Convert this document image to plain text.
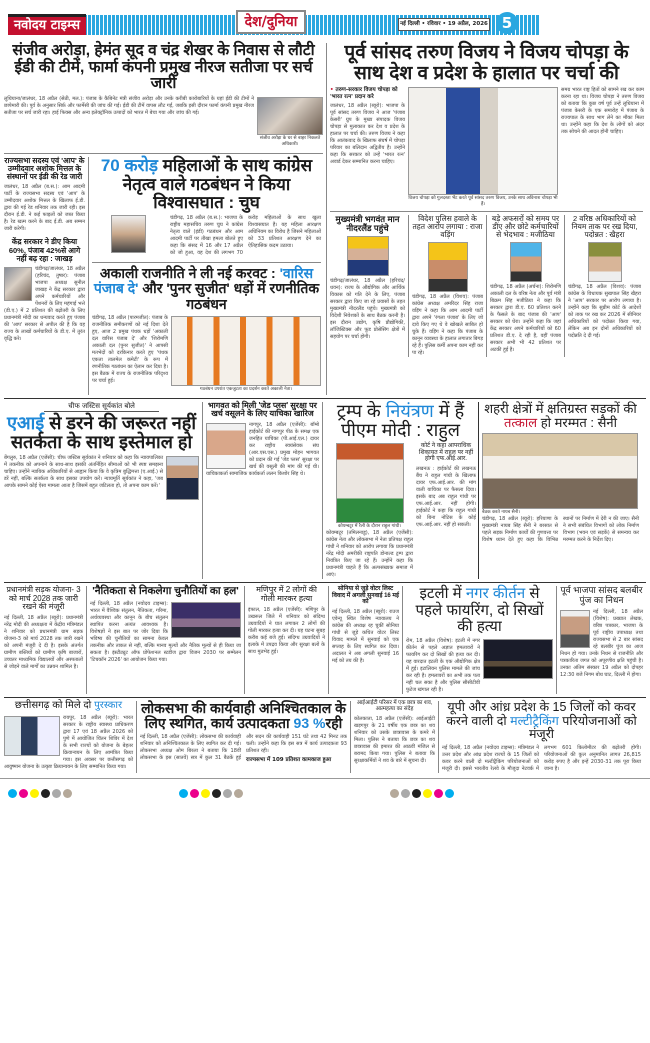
नवोदय टाइम्स	देश/दुनिया	नई दिल्ली • रविवार • 19 अप्रैल, 2026 5
संजीव अरोड़ा, हेमंत सूद व चंद्र शेखर के निवास से लौटी ईडी की टीमें, फार्मा कंपनी प्रमुख नीरज सतीजा पर सर्च जारी
संजीव अरोड़ा के घर से बाहर निकलते अधिकारी।
लुधियाना/जालंधर, 18 अप्रैल (सेठी, मल.): पंजाब के कैबिनेट मंत्री संजीव अरोड़ा और उनके करीबी कारोबारियों के यहां ईडी की टीमों ने छापेमारी की। पूर्व के अनुसार सिर्फ़ और फार्मेसी की जांच की गई। ईडी की टीमें वापस लौट गईं, जबकि इसी दौरान फार्मा कंपनी प्रमुख नीरज सतीजा पर सर्च जारी रहा। हाई फिक्स और अन्य इलेक्ट्रॉनिक उत्पादों को भारत में बेचा गया और जांच की गई।
राज्यसभा सदस्य एवं 'आप' के उम्मीदवार अशोक मित्तल के संस्थानों पर ईडी की रेड जारी
जालंधर, 18 अप्रैल (ब.स.): आम आदमी पार्टी के राज्यसभा सदस्य एवं 'आप' के उम्मीदवार अशोक मित्तल के खिलाफ ई.डी. द्वारा की गई रेड शनिवार तक जारी रही। इस दौरान ई.डी. ने कई फाइलों को जब्त किया है। रेड खत्म करने के बाद ई.डी. अब सम्मन जारी करेगी।
केंद्र सरकार ने डीए किया 60%, पंजाब 42%से आगे नहीं बढ़ रहा : जाखड़
चंडीगढ़/जालंधर, 18 अप्रैल (हरिचंद, तुषार): पंजाब भाजपा अध्यक्ष सुनील जाखड़ ने केंद्र सरकार द्वारा अपने कर्मचारियों और पेंशनरों के लिए महंगाई भत्ते (डी.ए.) में 2 प्रतिशत की बढ़ोतरी के लिए प्रधानमंत्री मोदी का धन्यवाद करते हुए पंजाब की 'आप' सरकार से अपील की है कि वह राज्य के लाखों कर्मचारियों के डी.ए. में तुरंत वृद्धि करे।
70 करोड़ महिलाओं के साथ कांग्रेस नेतृत्व वाले गठबंधन ने किया विश्वासघात : चुघ
चंडीगढ़, 18 अप्रैल (ब.स.): भाजपा के राष्ट्रीय महासचिव तरुण चुघ ने कांग्रेस नेतृत्व वाले (इंडी) गठबंधन और आम आदमी पार्टी पर तीखा हमला बोलते हुए कहा कि संसद में 16 और 17 अप्रैल को जो हुआ, वह देश की लगभग 70 करोड़ महिलाओं के साथ खुला विश्वासघात है। यह महिला आरक्षण अधिनियम का विरोध है जिसने महिलाओं को 33 प्रतिशत आरक्षण देने का ऐतिहासिक कदम उठाया।
अकाली राजनीति ने ली नई करवट : 'वारिस पंजाब दे' और 'पुनर सुजीत' धड़ों में रणनीतिक गठबंधन
गठबंधन उपरांत एकजुटता का प्रदर्शन करते अकाली नेता।
चंडीगढ़, 18 अप्रैल (पारमजीत): पंजाब के राजनीतिक समीकरणों को नई दिशा देते हुए, आज 2 प्रमुख पंथक धड़ों 'अकाली दल वारिस पंजाब दे' और 'शिरोमणि अकाली दल (पुनर सुजीत)' ने आपसी मतभेदों को दरकिनार करते हुए 'पंथक एकता तालमेल कमेटी' के रूप में रणनीतिक गठबंधन का ऐलान कर दिया है। इस बैठक में राज्य के राजनीतिक परिदृश्य पर चर्चा हुई।
पूर्व सांसद तरुण विजय ने विजय चोपड़ा के साथ देश व प्रदेश के हालात पर चर्चा की
• तरुण-सरकार विजय चोपड़ा को 'भारत रत्न' प्रदान करे
जालंधर, 18 अप्रैल (ब्यूरो): भाजपा के पूर्व सांसद तरुण विजय ने आज 'पंजाब केसरी' ग्रुप के मुख्य संपादक विजय चोपड़ा से मुलाकात कर देश व प्रदेश के हालात पर चर्चा की। तरुण विजय ने कहा कि आतंकवाद के खिलाफ संघर्ष में चोपड़ा परिवार का बलिदान अद्वितीय है। उन्होंने कहा कि सरकार को उन्हें 'भारत रत्न' अवार्ड देकर सम्मानित करना चाहिए।
विजय चोपड़ा को गुलदस्ता भेंट करते पूर्व सांसद तरुण विजय, उनके साथ अविनाश चोपड़ा भी हैं।
समग्र भारत राष्ट्र हितों को सामने रख कर काम करना रहा था। विजय चोपड़ा ने तरुण विजय को बताया कि कुछ वर्ष पूर्व उन्हें लुधियाना में पंजाब केसरी के एक समारोह में पंजाब के राज्यपाल के साथ भाग लेने का मौका मिला था। उन्होंने कहा कि देश के लोगों को अंदर तक सोचने की आदत होनी चाहिए।
मुख्यमंत्री भगवंत मान नीदरलैंड पहुंचे
चंडीगढ़/जालंधर, 18 अप्रैल (हरिचंद/धवन): राज्य के औद्योगिक और आर्थिक विकास को गति देने के लिए, पंजाब सरकार द्वारा किए जा रहे प्रयासों के तहत मुख्यमंत्री नीदरलैंड पहुंचे। मुख्यमंत्री को विदेशी निवेशकों के साथ बैठक करनी है। इस दौरान उद्योग, कृषि प्रौद्योगिकी, लॉजिस्टिक्स और फूड प्रोसेसिंग क्षेत्रों में सहयोग पर चर्चा होगी।
विदेश पुलिस हवाले के तहत आरोप लगाया : राजा वड़िंग
चंडीगढ़, 18 अप्रैल (विशव): पंजाब कांग्रेस अध्यक्ष अमरिंदर सिंह राजा वड़िंग ने कहा कि आम आदमी पार्टी द्वारा अपने 'रंगला पंजाब' के लिए जो दावे किए गए थे वे खोखले साबित हो चुके हैं। वड़िंग ने कहा कि पंजाब के कानून व्यवस्था के हालात लगातार बिगड़ रहे हैं। पुलिस कर्मी अपना काम नहीं कर पा रहे।
बड़े अफसरों को समय पर डीए और छोटे कर्मचारियों से भेदभाव : मजीठिया
चंडीगढ़, 18 अप्रैल (अर्चना): शिरोमणि अकाली दल के वरिष्ठ नेता और पूर्व मंत्री बिक्रम सिंह मजीठिया ने कहा कि सरकार द्वारा डी.ए. 60 प्रतिशत करने के फैसले के बाद पंजाब की 'आप' सरकार को घेरा। उन्होंने कहा कि जहां केंद्र सरकार अपने कर्मचारियों को 60 प्रतिशत डी.ए. दे रही है, वहीं पंजाब सरकार अभी भी 42 प्रतिशत पर अटकी हुई है।
2 वरिष्ठ अधिकारियों को नियम ताक पर रख दिया, पदोन्नत : खैहरा
चंडीगढ़, 18 अप्रैल (विशव): पंजाब कांग्रेस के विधायक सुखपाल सिंह खैहरा ने 'आप' सरकार पर आरोप लगाया है। उन्होंने कहा कि सुप्रीम कोर्ट के आदेशों को ताक पर रख कर 2026 में सीनियर अधिकारियों को पदोन्नत किया गया, लेकिन अब इन दोनों अधिकारियों को पदोन्नति दे दी गई।
चीफ जस्टिस सूर्यकांत बोले
एआई से डरने की जरूरत नहीं सतर्कता के साथ इस्तेमाल हो
बेंगलुरु, 18 अप्रैल (एजेंसी): चीफ जस्टिस सूर्यकांत ने शनिवार को कहा कि न्यायपालिका में तकनीक को अपनाने के साथ-साथ इसकी अंतर्निहित सीमाओं को भी स्पष्ट समझना चाहिए। उन्होंने न्यायिक अधिकारियों से आह्वान किया कि वे कृत्रिम बुद्धिमत्ता (ए.आई.) से डरें नहीं, बल्कि सतर्कता के साथ इसका उपयोग करें। न्यायमूर्ति सूर्यकांत ने कहा, 'जब आपके सामने कोई ऐसा मामला आता है जिसमें बहुत जटिलता हो, तो अपना काम करें।'
भागवत को मिली 'जेड प्लस' सुरक्षा पर खर्च वसूलने के लिए याचिका खारिज
नागपुर, 18 अप्रैल (एजेंसी): बॉम्बे हाईकोर्ट की नागपुर पीठ के समक्ष एक जनहित याचिका (पी.आई.एल.) दायर कर राष्ट्रीय स्वयंसेवक संघ (आर.एस.एस.) प्रमुख मोहन भागवत को प्रदान की गई 'जेड प्लस' सुरक्षा पर खर्च की वसूली की मांग की गई थी। याचिकाकर्ता सामाजिक कार्यकर्ता ललन किशोर सिंह थे।
ट्रम्प के नियंत्रण में हैं पीएम मोदी : राहुल
कोयम्बटूर में रैली के दौरान राहुल गांधी।
कोयम्बटूर (तमिलनाडु), 18 अप्रैल (एजेंसी): कांग्रेस नेता और लोकसभा में नेता प्रतिपक्ष राहुल गांधी ने शनिवार को आरोप लगाया कि प्रधानमंत्री नरेंद्र मोदी अमरीकी राष्ट्रपति डोनाल्ड ट्रम्प द्वारा नियंत्रित किए जा रहे हैं। उन्होंने कहा कि प्रधानमंत्री चाहते हैं कि अल्पसंख्यक समाज में आएं।
कोर्ट ने कहा आपराधिक शिकायत में राहुल पर नहीं होगी एफ.आई.आर.
लखनऊ : हाईकोर्ट की लखनऊ बैंच ने राहुल गांधी के खिलाफ दायर एफ.आई.आर. की मांग वाली याचिका पर फैसला दिया। इसके बाद अब राहुल गांधी पर एफ.आई.आर. नहीं होगी। हाईकोर्ट ने कहा कि राहुल गांधी को बिना नोटिस के कोई एफ.आई.आर. नहीं हो सकती।
शहरी क्षेत्रों में क्षतिग्रस्त सड़कों की तत्काल हो मरम्मत : सैनी
बैठक करते नायब सैनी।
चंडीगढ़, 18 अप्रैल (ब्यूरो): हरियाणा के मुख्यमंत्री नायब सिंह सैनी ने बरसात से पहले सड़क निर्माण कार्यों की गुणवत्ता पर विशेष ध्यान देते हुए कहा कि विभिन्न स्थानों पर निर्माण में देरी न की जाए। सैनी ने सभी संबंधित विभागों को लोक निर्माण विभाग (भवन एवं सड़कें) से समन्वय कर मरम्मत करने के निर्देश दिए।
प्रधानमंत्री सड़क योजना- 3 को मार्च 2028 तक जारी रखने की मंजूरी
नई दिल्ली, 18 अप्रैल (ब्यूरो): प्रधानमंत्री नरेंद्र मोदी की अध्यक्षता में केंद्रीय मंत्रिमंडल ने शनिवार को प्रधानमंत्री ग्राम सड़क योजना-3 को मार्च 2028 तक जारी रखने को अपनी मंजूरी दे दी है। इसके अंतर्गत ग्रामीण बस्तियों को ग्रामीण कृषि बाजारों, उच्चतर माध्यमिक विद्यालयों और अस्पतालों से जोड़ने वाले मार्गों का उन्नयन शामिल है।
'नैतिकता से निकलेगा चुनौतियों का हल'
नई दिल्ली, 18 अप्रैल (नवोदय टाइम्स): भारत में वैश्विक संतुलन, नैतिकता, गरिमा, अर्थव्यवस्था और कानून के बीच संतुलन स्थापित करना अत्यंत आवश्यक है। विशेषज्ञों ने इस बात पर जोर दिया कि भविष्य की चुनौतियों का सामना केवल तकनीक और ताकत से नहीं, बल्कि मानव मूल्यों और नैतिक मूल्यों से ही किया जा सकता है। इंस्टीट्यूट ऑफ प्रोफेशनल स्टडीज द्वारा विजन 2030 पर सम्मेलन 'टिचकॉन 2026' का आयोजन किया गया।
मणिपुर में 2 लोगों की गोली मारकर हत्या
इंफाल, 18 अप्रैल (एजेंसी): मणिपुर के उखरूल जिले में शनिवार को संदिग्ध उग्रवादियों ने घात लगाकर 2 लोगों की गोली मारकर हत्या कर दी। यह घटना सुबह करीब कई बजे हुई। संदिग्ध उग्रवादियों ने इलाके में उपद्रव किया और सुरक्षा बलों के साथ मुठभेड़ हुई।
सोनिया से जुड़े वोटर लिस्ट विवाद में अगली सुनवाई 16 मई को
नई दिल्ली, 18 अप्रैल (ब्यूरो): राउज एवेन्यू स्थित विशेष न्यायालय ने कांग्रेस की अध्यक्ष रह चुकीं सोनिया गांधी से जुड़े कथित वोटर लिस्ट विवाद मामले में सुनवाई को एक सप्ताह के लिए स्थगित कर दिया। अदालत ने अब अगली सुनवाई 16 मई को तय की है।
इटली में नगर कीर्तन से पहले फायरिंग, दो सिखों की हत्या
रोम, 18 अप्रैल (विशेष): इटली में नगर कीर्तन से पहले अज्ञात हमलावरों ने फायरिंग कर दो सिखों की हत्या कर दी। यह वारदात इटली के एक औद्योगिक क्षेत्र में हुई। इटालियन पुलिस मामले की जांच कर रही है। हमलावरों का अभी तक पता नहीं चल सका है और पुलिस सीसीटीवी फुटेज खंगाल रही है।
पूर्व भाजपा सांसद बलबीर पुंज का निधन
नई दिल्ली, 18 अप्रैल (विशेष): प्रख्यात लेखक, वरिष्ठ पत्रकार, भाजपा के पूर्व राष्ट्रीय उपाध्यक्ष तथा राज्यसभा से 2 बार सांसद रहे बलबीर पुंज का आज निधन हो गया। उनके निधन से राजनीति और पत्रकारिता जगत को अपूरणीय क्षति पहुंची है। उनका अंतिम संस्कार 19 अप्रैल को दोपहर 12:30 बजे निगम बोध घाट, दिल्ली में होगा।
छत्तीसगढ़ को मिले दो पुरस्कार
रायपुर, 18 अप्रैल (ब्यूरो): भारत सरकार के राष्ट्रीय स्वास्थ्य प्राधिकरण द्वारा 17 एवं 18 अप्रैल 2026 को पुणे में आयोजित चिंतन शिविर में देश के सभी राज्यों को योजना के बेहतर क्रियान्वयन के लिए आमंत्रित किया गया। इस अवसर पर छत्तीसगढ़ को आयुष्मान योजना के उत्कृष्ट क्रियान्वयन के लिए सम्मानित किया गया।
लोकसभा की कार्यवाही अनिश्चितकाल के लिए स्थगित, कार्य उत्पादकता 93 %रही
नई दिल्ली, 18 अप्रैल (एजेंसी): लोकसभा की कार्यवाही शनिवार को अनिश्चितकाल के लिए स्थगित कर दी गई। लोकसभा अध्यक्ष ओम बिरला ने बताया कि 18वीं लोकसभा के इस (सातवें) सत्र में कुल 31 बैठकें हुई और सदन की कार्यवाही 151 घंटे तथा 42 मिनट तक चली। उन्होंने कहा कि इस सत्र में कार्य उत्पादकता 93 प्रतिशत रही।
राज्यसभा में 109 प्रतिशत कामकाज हुआ
आईआईटी परिसर में एक छात्र का शव, आत्महत्या का संदेह
कोलकाता, 18 अप्रैल (एजेंसी): आईआईटी खड़गपुर के 21 वर्षीय एक छात्र का शव शनिवार को उसके छात्रावास के कमरे में मिला। पुलिस ने बताया कि छात्र का शव छात्रावास की इमारत की आठवीं मंजिल से बरामद किया गया। पुलिस ने बताया कि सुरक्षाकर्मियों ने शव के बारे में सूचना दी।
यूपी और आंध्र प्रदेश के 15 जिलों को कवर करने वाली दो मल्टीट्रैकिंग परियोजनाओं को मंजूरी
नई दिल्ली, 18 अप्रैल (नवोदय टाइम्स): मंत्रिमंडल ने उत्तर प्रदेश और आंध्र प्रदेश राज्यों के 15 जिलों को कवर करने वाली दो मल्टीट्रैकिंग परियोजनाओं को मंजूरी दी। इससे भारतीय रेलवे के मौजूदा नेटवर्क में लगभग 601 किलोमीटर की बढ़ोतरी होगी। परियोजनाओं की कुल अनुमानित लागत 26,815 करोड़ रुपए है और इन्हें 2030-31 तक पूरा किया जाना है।
